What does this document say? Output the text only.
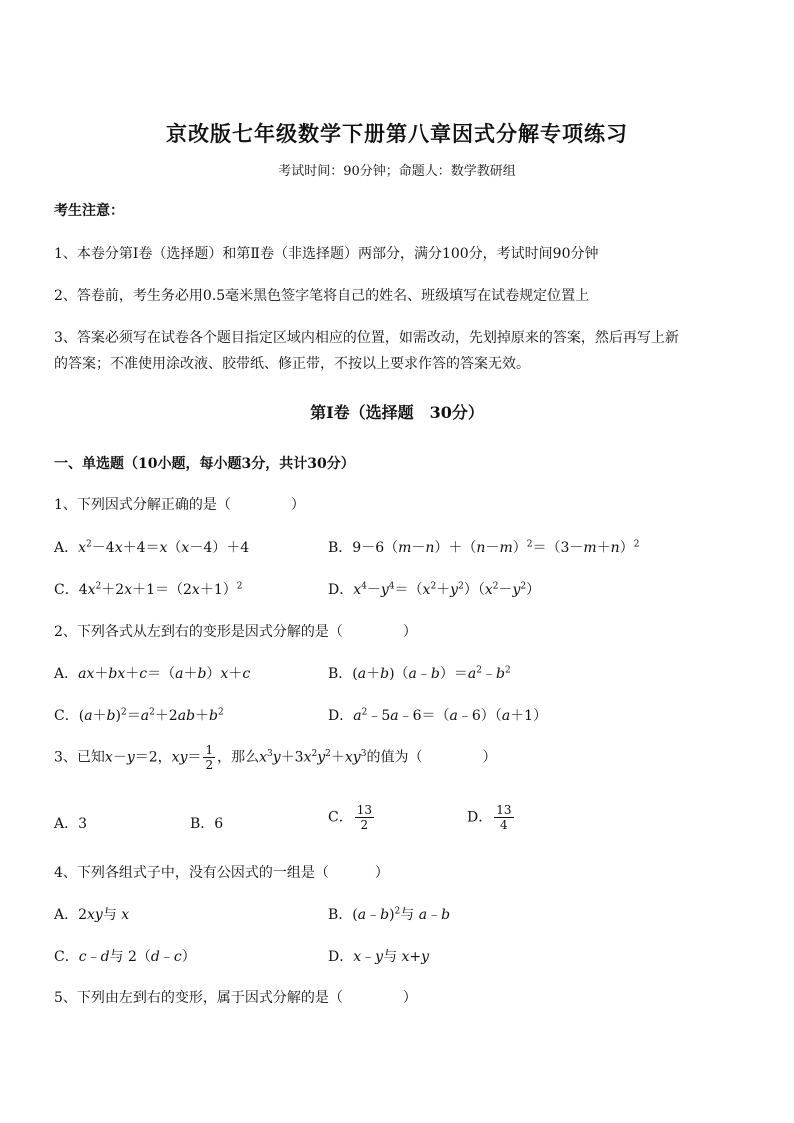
京改版七年级数学下册第八章因式分解专项练习
考试时间：90分钟；命题人：数学教研组
考生注意：
1、本卷分第Ⅰ卷（选择题）和第Ⅱ卷（非选择题）两部分，满分100分，考试时间90分钟
2、答卷前，考生务必用0.5毫米黑色签字笔将自己的姓名、班级填写在试卷规定位置上
3、答案必须写在试卷各个题目指定区域内相应的位置，如需改动，先划掉原来的答案，然后再写上新
的答案；不准使用涂改液、胶带纸、修正带，不按以上要求作答的答案无效。
第Ⅰ卷（选择题　30分）
一、单选题（10小题，每小题3分，共计30分）
1、下列因式分解正确的是（	）
A．$x^2-4x+4=x(x-4)+4$	B．$9-6(m-n)+(n-m)^2=(3-m+n)^2$
C．$4x^2+2x+1=(2x+1)^2$	D．$x^4-y^4=(x^2+y^2)(x^2-y^2)$
2、下列各式从左到右的变形是因式分解的是（	）
A．ax＋bx＋c＝（a＋b）x＋c	B．$(a+b)(a﹣b)=a^2﹣b^2$
C．$(a+b)^2=a^2+2ab+b^2$	D．$a^2﹣5a﹣6=(a﹣6)(a+1)$
3、已知x－y＝2，$xy= \frac{1}{2}$ ，那么$x^3y+3x^2y^2+xy^3$的值为（	）
A．3	B．6	C． $\frac{13}{2}$	D． $\frac{13}{4}$
4、下列各组式子中，没有公因式的一组是（	）
A．2xy与 x	B．(a﹣b)$^2$与 a﹣b
C．c﹣d与 2（d﹣c）	D．x﹣y与 x+y
5、下列由左到右的变形，属于因式分解的是（	）
